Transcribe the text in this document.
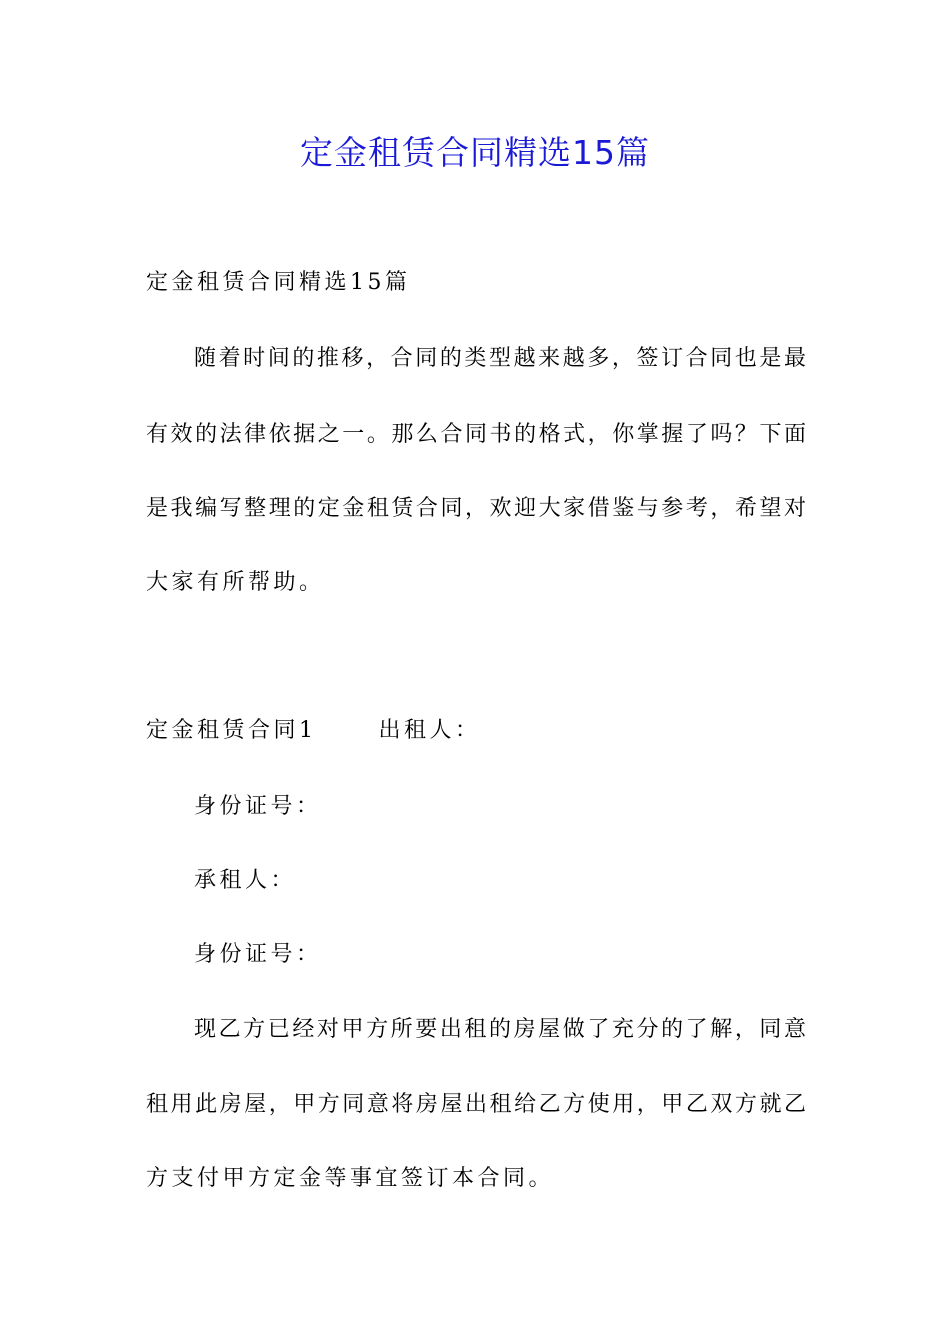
定金租赁合同精选15篇
定金租赁合同精选15篇
随着时间的推移，合同的类型越来越多，签订合同也是最
有效的法律依据之一。那么合同书的格式，你掌握了吗？下面
是我编写整理的定金租赁合同，欢迎大家借鉴与参考，希望对
大家有所帮助。
定金租赁合同1	出租人：
身份证号：
承租人：
身份证号：
现乙方已经对甲方所要出租的房屋做了充分的了解，同意
租用此房屋，甲方同意将房屋出租给乙方使用，甲乙双方就乙
方支付甲方定金等事宜签订本合同。
